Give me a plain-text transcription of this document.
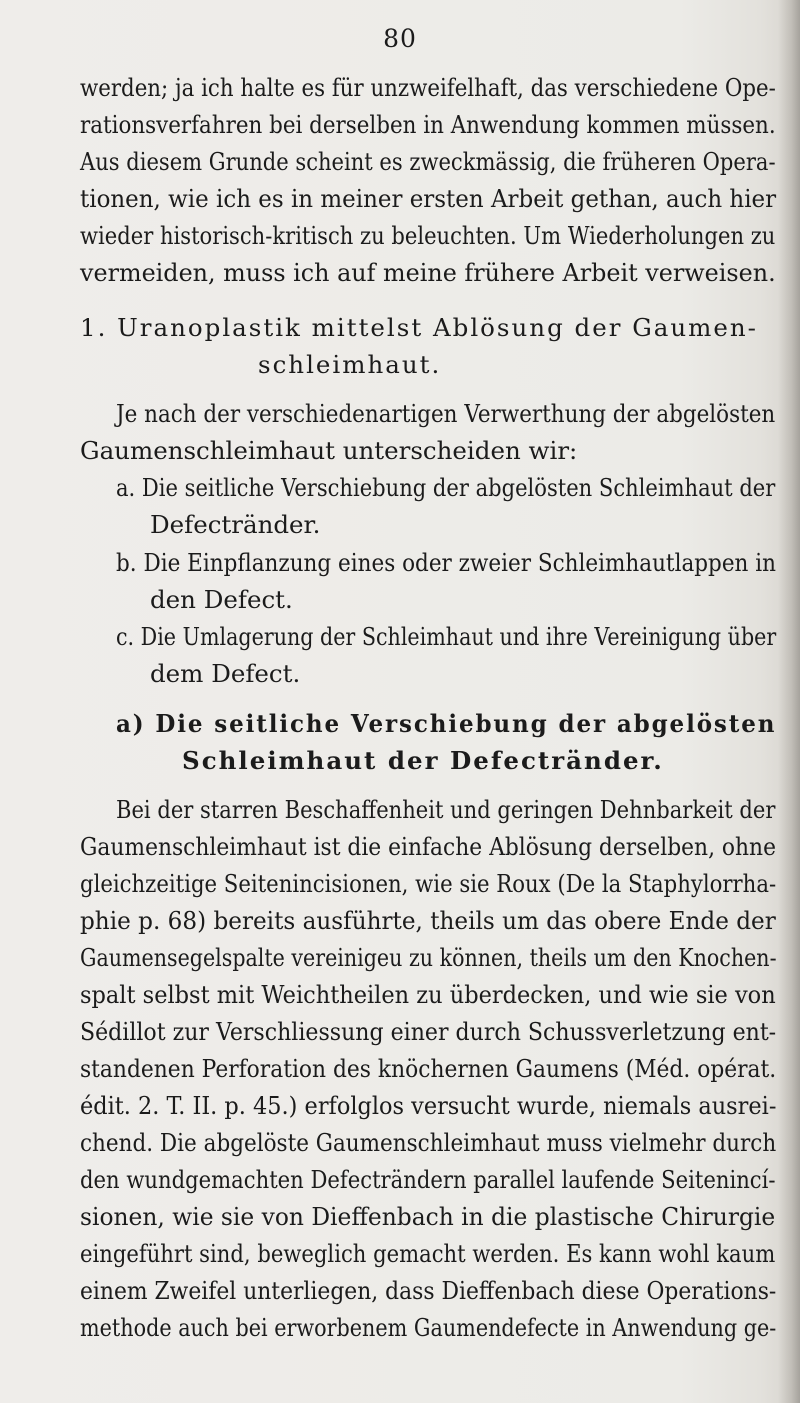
80
werden; ja ich halte es für unzweifelhaft, das verschiedene Ope-
rationsverfahren bei derselben in Anwendung kommen müssen.
Aus diesem Grunde scheint es zweckmässig, die früheren Opera-
tionen, wie ich es in meiner ersten Arbeit gethan, auch hier
wieder historisch-kritisch zu beleuchten. Um Wiederholungen zu
vermeiden, muss ich auf meine frühere Arbeit verweisen.
1. Uranoplastik mittelst Ablösung der Gaumen-
schleimhaut.
Je nach der verschiedenartigen Verwerthung der abgelösten
Gaumenschleimhaut unterscheiden wir:
a. Die seitliche Verschiebung der abgelösten Schleimhaut der
Defectränder.
b. Die Einpflanzung eines oder zweier Schleimhautlappen in
den Defect.
c. Die Umlagerung der Schleimhaut und ihre Vereinigung über
dem Defect.
a) Die seitliche Verschiebung der abgelösten
Schleimhaut der Defectränder.
Bei der starren Beschaffenheit und geringen Dehnbarkeit der
Gaumenschleimhaut ist die einfache Ablösung derselben, ohne
gleichzeitige Seitenincisionen, wie sie Roux (De la Staphylorrha-
phie p. 68) bereits ausführte, theils um das obere Ende der
Gaumensegelspalte vereinigeu zu können, theils um den Knochen-
spalt selbst mit Weichtheilen zu überdecken, und wie sie von
Sédillot zur Verschliessung einer durch Schussverletzung ent-
standenen Perforation des knöchernen Gaumens (Méd. opérat.
édit. 2. T. II. p. 45.) erfolglos versucht wurde, niemals ausrei-
chend. Die abgelöste Gaumenschleimhaut muss vielmehr durch
den wundgemachten Defecträndern parallel laufende Seitenincí-
sionen, wie sie von Dieffenbach in die plastische Chirurgie
eingeführt sind, beweglich gemacht werden. Es kann wohl kaum
einem Zweifel unterliegen, dass Dieffenbach diese Operations-
methode auch bei erworbenem Gaumendefecte in Anwendung ge-
